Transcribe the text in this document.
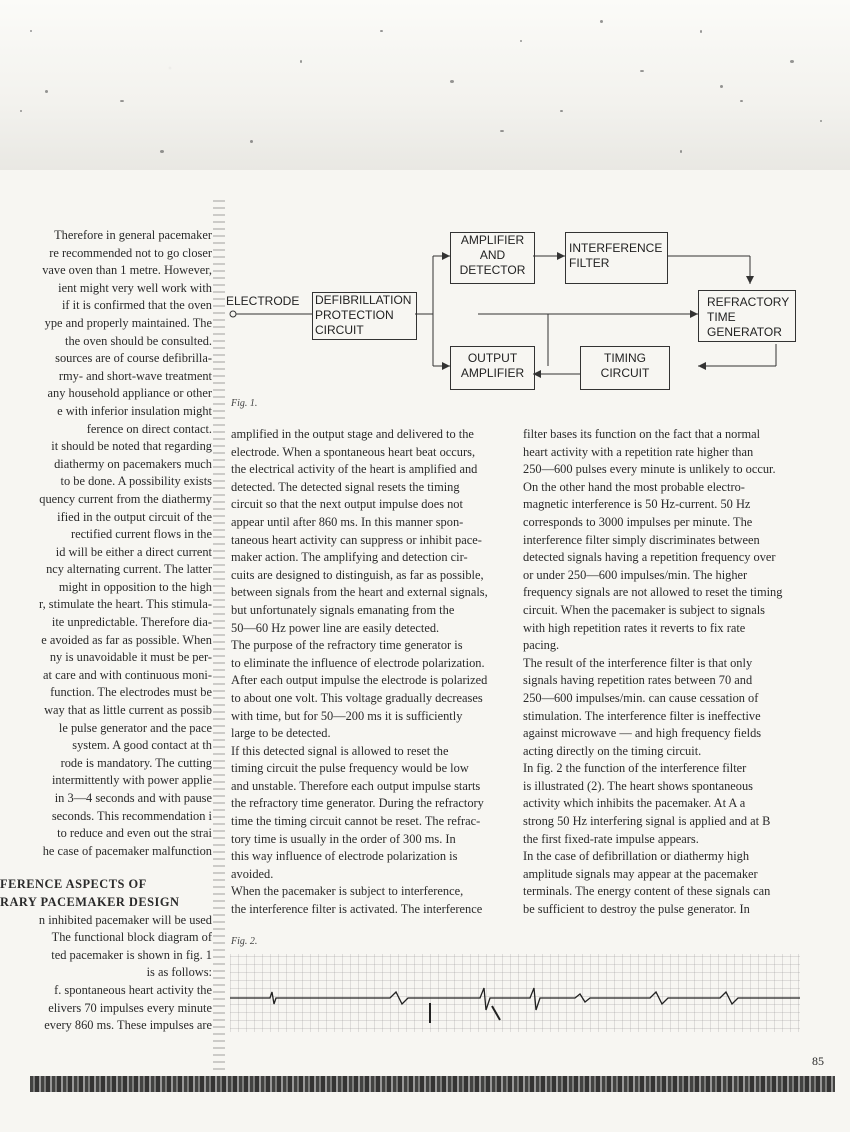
ELECTRODE DEFIBRILLATION
PROTECTION
CIRCUIT
AMPLIFIER
AND
DETECTOR
INTERFERENCE
FILTER
REFRACTORY
TIME
GENERATOR
OUTPUT
AMPLIFIER
TIMING
CIRCUIT
Fig. 1.

Therefore in general pacemaker

re recommended not to go closer

vave oven than 1 metre. However,

ient might very well work with

if it is confirmed that the oven

ype and properly maintained. The

the oven should be consulted.

sources are of course defibrilla-

rmy- and short-wave treatment

any household appliance or other

e with inferior insulation might

ference on direct contact.

it should be noted that regarding

diathermy on pacemakers much

to be done. A possibility exists

quency current from the diathermy

ified in the output circuit of the

rectified current flows in the

id will be either a direct current

ncy alternating current. The latter

might in opposition to the high

r, stimulate the heart. This stimula-

ite unpredictable. Therefore dia-

e avoided as far as possible. When

ny is unavoidable it must be per-

at care and with continuous moni-

function. The electrodes must be

way that as little current as possib

le pulse generator and the pace

system. A good contact at th

rode is mandatory. The cutting

intermittently with power applie

in 3—4 seconds and with pause

seconds. This recommendation i

to reduce and even out the strai

he case of pacemaker malfunction

FERENCE ASPECTS OF

RARY PACEMAKER DESIGN

n inhibited pacemaker will be used

The functional block diagram of

ted pacemaker is shown in fig. 1

is as follows:

f. spontaneous heart activity the

elivers 70 impulses every minute

every 860 ms. These impulses are

amplified in the output stage and delivered to the

electrode. When a spontaneous heart beat occurs,

the electrical activity of the heart is amplified and

detected. The detected signal resets the timing

circuit so that the next output impulse does not

appear until after 860 ms. In this manner spon-

taneous heart activity can suppress or inhibit pace-

maker action. The amplifying and detection cir-

cuits are designed to distinguish, as far as possible,

between signals from the heart and external signals,

but unfortunately signals emanating from the

50—60 Hz power line are easily detected.

The purpose of the refractory time generator is

to eliminate the influence of electrode polarization.

After each output impulse the electrode is polarized

to about one volt. This voltage gradually decreases

with time, but for 50—200 ms it is sufficiently

large to be detected.

If this detected signal is allowed to reset the

timing circuit the pulse frequency would be low

and unstable. Therefore each output impulse starts

the refractory time generator. During the refractory

time the timing circuit cannot be reset. The refrac-

tory time is usually in the order of 300 ms. In

this way influence of electrode polarization is

avoided.

When the pacemaker is subject to interference,

the interference filter is activated. The interference

filter bases its function on the fact that a normal

heart activity with a repetition rate higher than

250—600 pulses every minute is unlikely to occur.

On the other hand the most probable electro-

magnetic interference is 50 Hz-current. 50 Hz

corresponds to 3000 impulses per minute. The

interference filter simply discriminates between

detected signals having a repetition frequency over

or under 250—600 impulses/min. The higher

frequency signals are not allowed to reset the timing

circuit. When the pacemaker is subject to signals

with high repetition rates it reverts to fix rate

pacing.

The result of the interference filter is that only

signals having repetition rates between 70 and

250—600 impulses/min. can cause cessation of

stimulation. The interference filter is ineffective

against microwave — and high frequency fields

acting directly on the timing circuit.

In fig. 2 the function of the interference filter

is illustrated (2). The heart shows spontaneous

activity which inhibits the pacemaker. At A a

strong 50 Hz interfering signal is applied and at B

the first fixed-rate impulse appears.

In the case of defibrillation or diathermy high

amplitude signals may appear at the pacemaker

terminals. The energy content of these signals can

be sufficient to destroy the pulse generator. In

Fig. 2.
85
